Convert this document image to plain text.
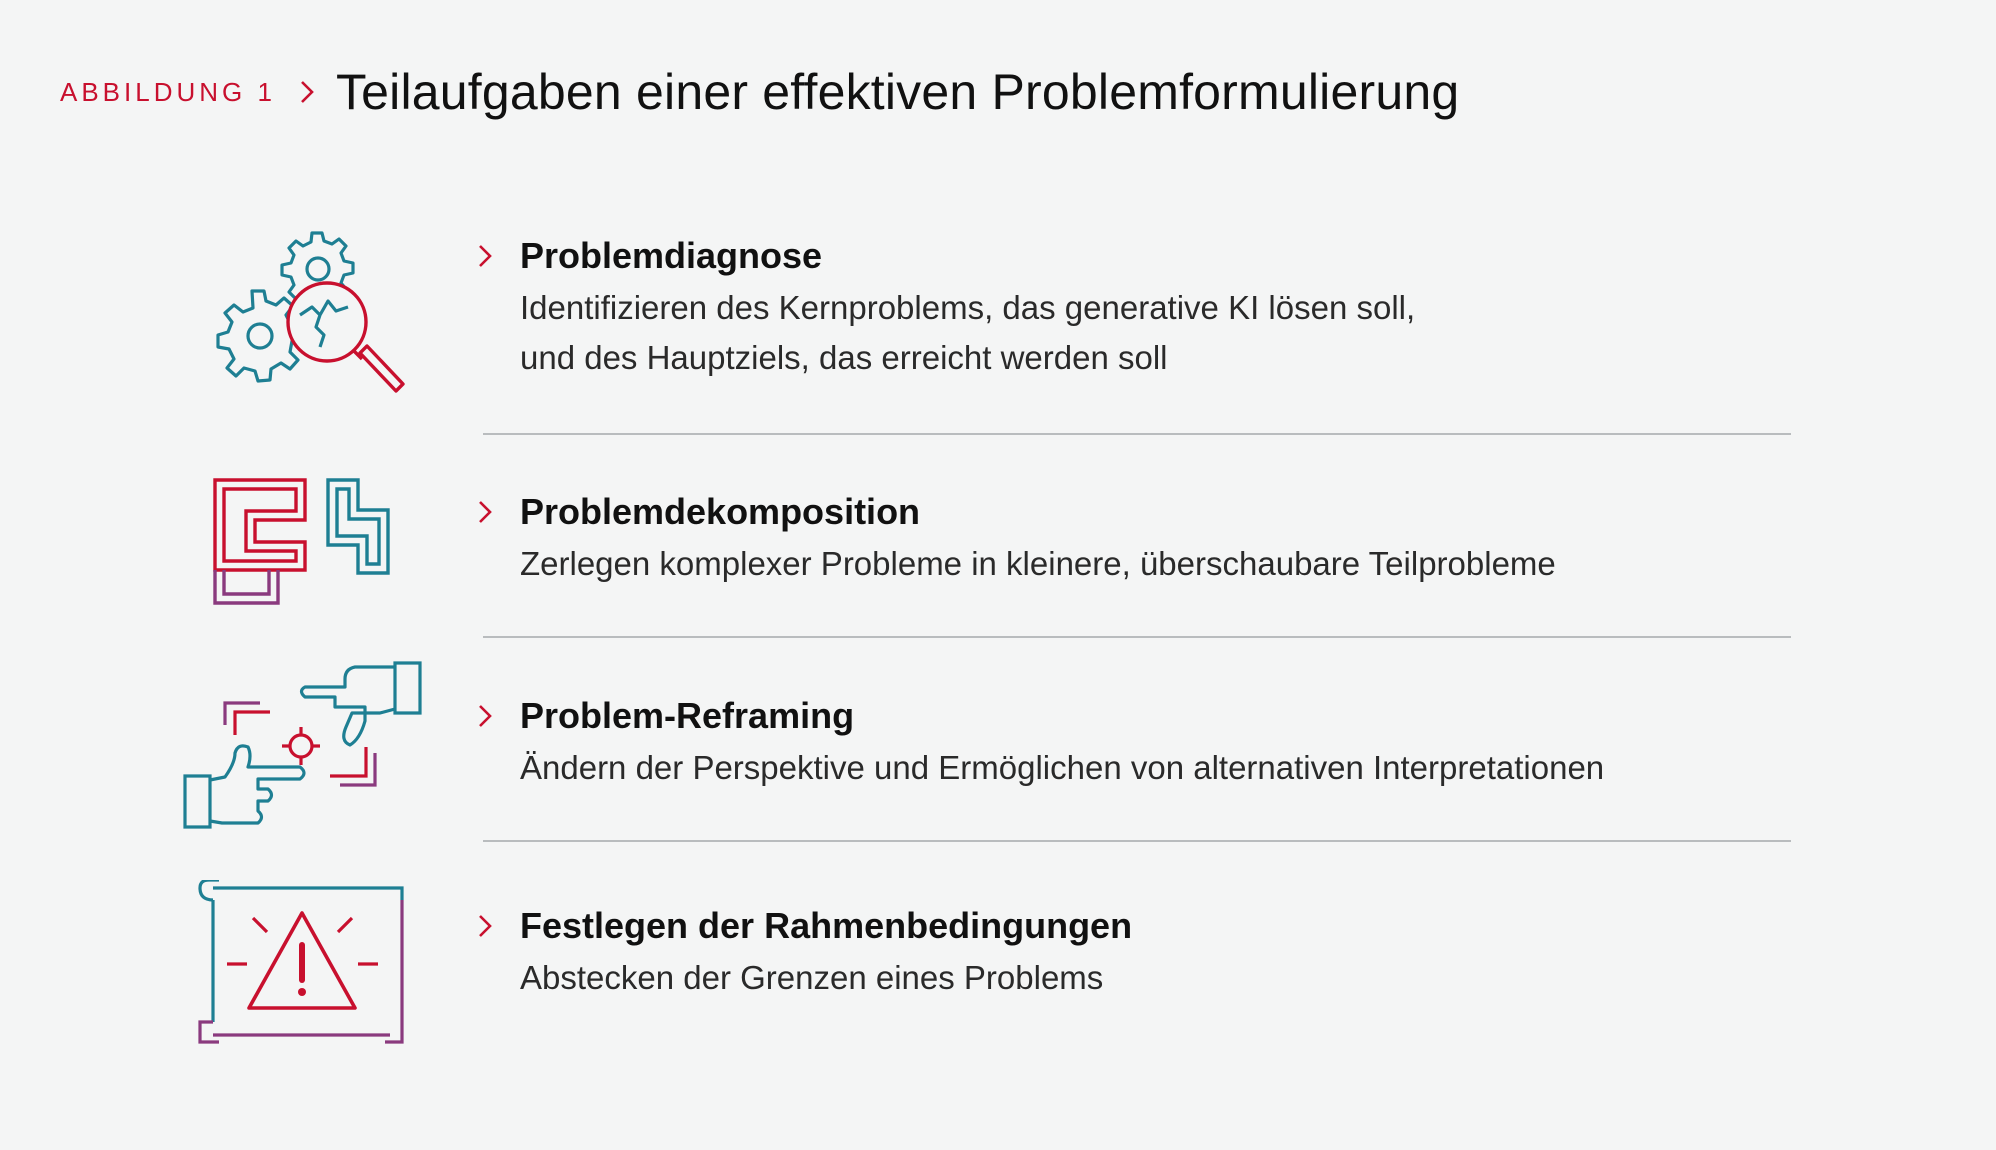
ABBILDUNG 1 Teilaufgaben einer effektiven Problemformulierung
Problemdiagnose
Identifizieren des Kernproblems, das generative KI lösen soll,
und des Hauptziels, das erreicht werden soll
Problemdekomposition
Zerlegen komplexer Probleme in kleinere, überschaubare Teilprobleme
Problem-Reframing
Ändern der Perspektive und Ermöglichen von alternativen Interpretationen
Festlegen der Rahmenbedingungen
Abstecken der Grenzen eines Problems
